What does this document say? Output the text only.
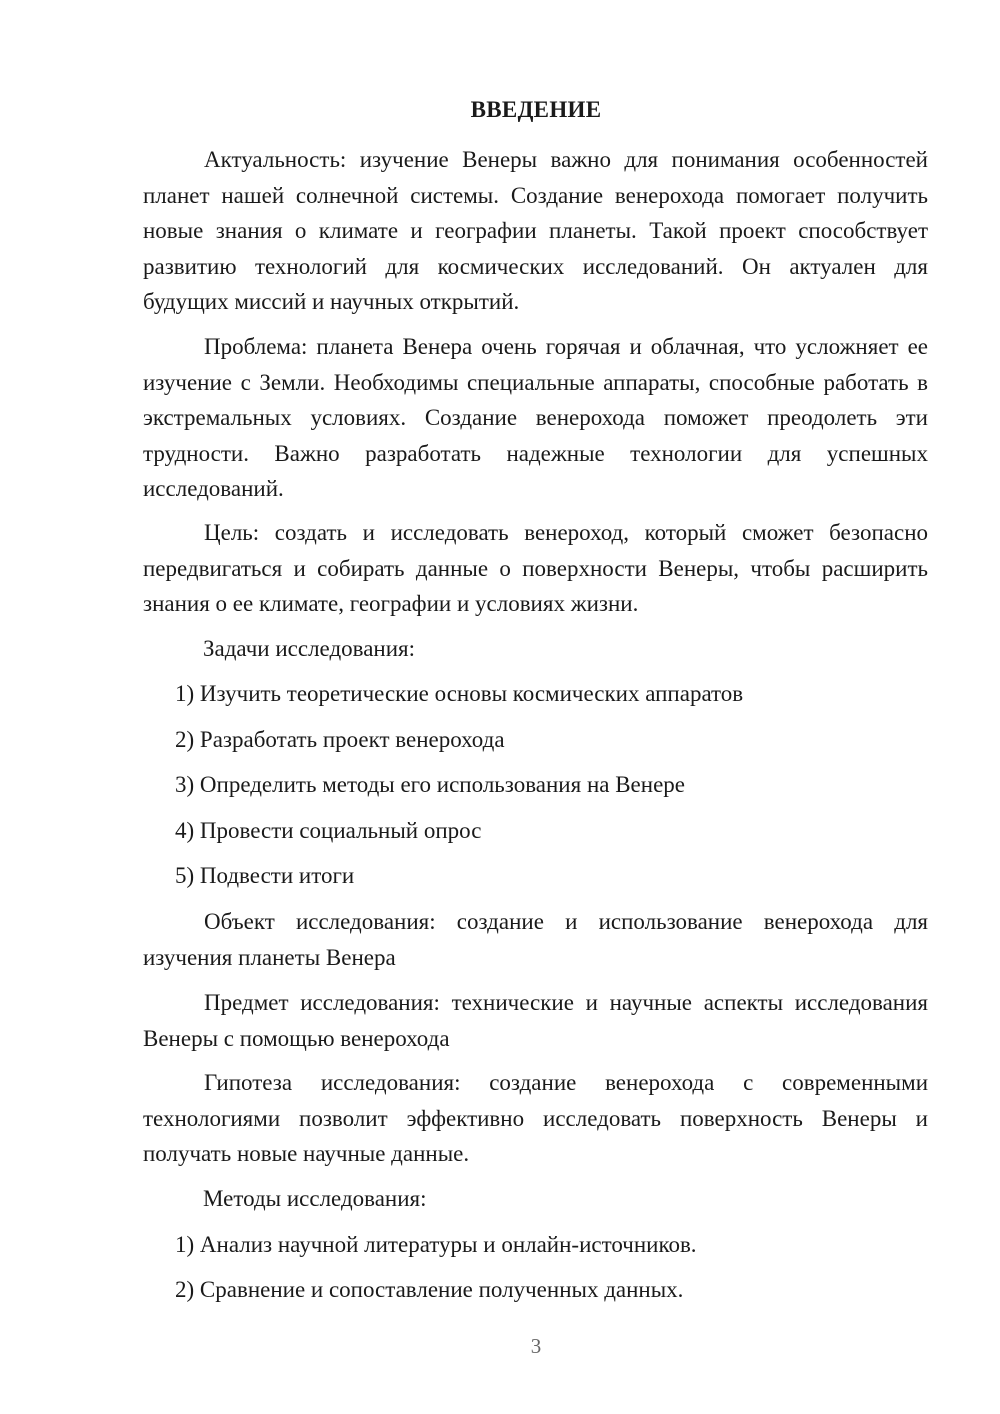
ВВЕДЕНИЕ

Актуальность: изучение Венеры важно для понимания особенностей планет нашей солнечной системы. Создание венерохода помогает получить новые знания о климате и географии планеты. Такой проект способствует развитию технологий для космических исследований. Он актуален для будущих миссий и научных открытий.

Проблема: планета Венера очень горячая и облачная, что усложняет ее изучение с Земли. Необходимы специальные аппараты, способные работать в экстремальных условиях. Создание венерохода поможет преодолеть эти трудности. Важно разработать надежные технологии для успешных исследований.

Цель: создать и исследовать венероход, который сможет безопасно передвигаться и собирать данные о поверхности Венеры, чтобы расширить знания о ее климате, географии и условиях жизни.

Задачи исследования:

1) Изучить теоретические основы космических аппаратов

2) Разработать проект венерохода

3) Определить методы его использования на Венере

4) Провести социальный опрос

5) Подвести итоги

Объект исследования: создание и использование венерохода для изучения планеты Венера

Предмет исследования: технические и научные аспекты исследования Венеры с помощью венерохода

Гипотеза исследования: создание венерохода с современными технологиями позволит эффективно исследовать поверхность Венеры и получать новые научные данные.

Методы исследования:

1) Анализ научной литературы и онлайн-источников.

2) Сравнение и сопоставление полученных данных.

3
